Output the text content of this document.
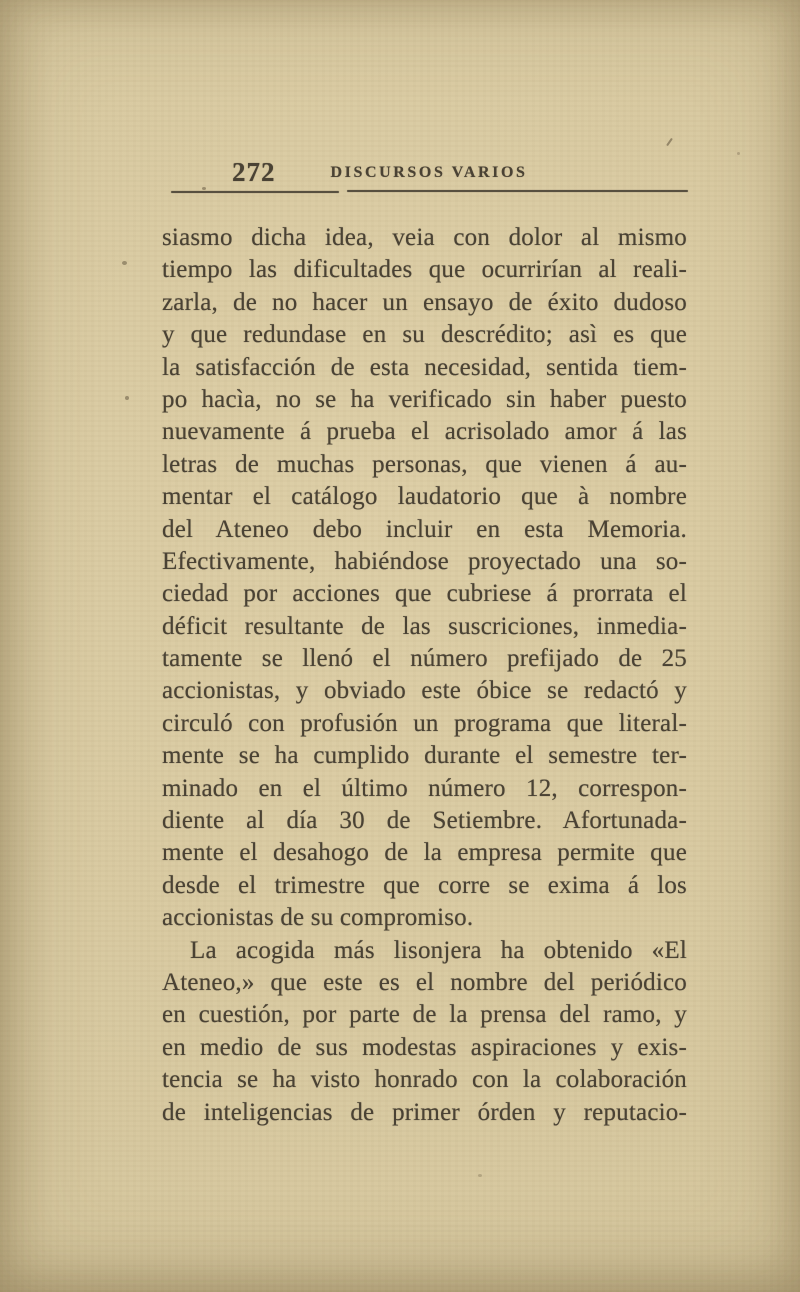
272	DISCURSOS VARIOS
siasmo dicha idea, veia con dolor al mismo
tiempo las dificultades que ocurrirían al reali-
zarla, de no hacer un ensayo de éxito dudoso
y que redundase en su descrédito; asì es que
la satisfacción de esta necesidad, sentida tiem-
po hacìa, no se ha verificado sin haber puesto
nuevamente á prueba el acrisolado amor á las
letras de muchas personas, que vienen á au-
mentar el catálogo laudatorio que à nombre
del Ateneo debo incluir en esta Memoria.
Efectivamente, habiéndose proyectado una so-
ciedad por acciones que cubriese á prorrata el
déficit resultante de las suscriciones, inmedia-
tamente se llenó el número prefijado de 25
accionistas, y obviado este óbice se redactó y
circuló con profusión un programa que literal-
mente se ha cumplido durante el semestre ter-
minado en el último número 12, correspon-
diente al día 30 de Setiembre. Afortunada-
mente el desahogo de la empresa permite que
desde el trimestre que corre se exima á los
accionistas de su compromiso.
La acogida más lisonjera ha obtenido «El
Ateneo,» que este es el nombre del periódico
en cuestión, por parte de la prensa del ramo, y
en medio de sus modestas aspiraciones y exis-
tencia se ha visto honrado con la colaboración
de inteligencias de primer órden y reputacio-
